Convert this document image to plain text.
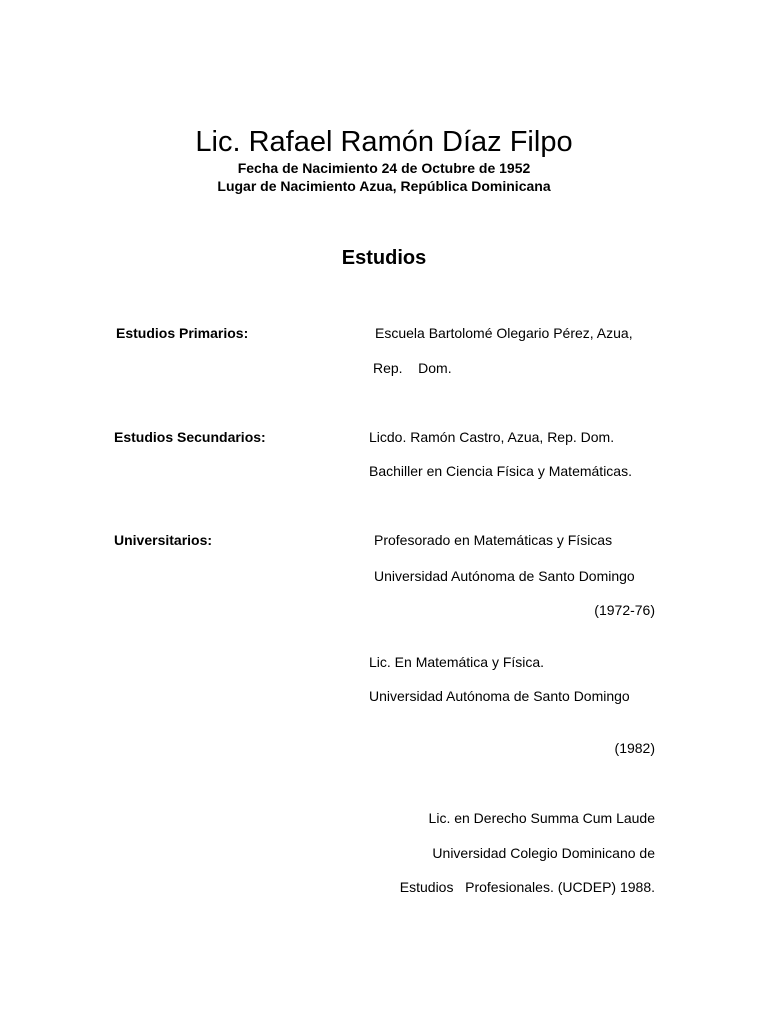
Lic. Rafael Ramón Díaz Filpo

Fecha de Nacimiento 24 de Octubre de 1952

Lugar de Nacimiento Azua, República Dominicana

Estudios
Estudios Primarios:	Escuela Bartolomé Olegario Pérez, Azua,
Rep.    Dom.
Estudios Secundarios:	Licdo. Ramón Castro, Azua, Rep. Dom.
Bachiller en Ciencia Física y Matemáticas.
Universitarios:	Profesorado en Matemáticas y Físicas
Universidad Autónoma de Santo Domingo
(1972-76)
Lic. En Matemática y Física.
Universidad Autónoma de Santo Domingo
(1982)
Lic. en Derecho Summa Cum Laude
Universidad Colegio Dominicano de
Estudios   Profesionales. (UCDEP) 1988.
